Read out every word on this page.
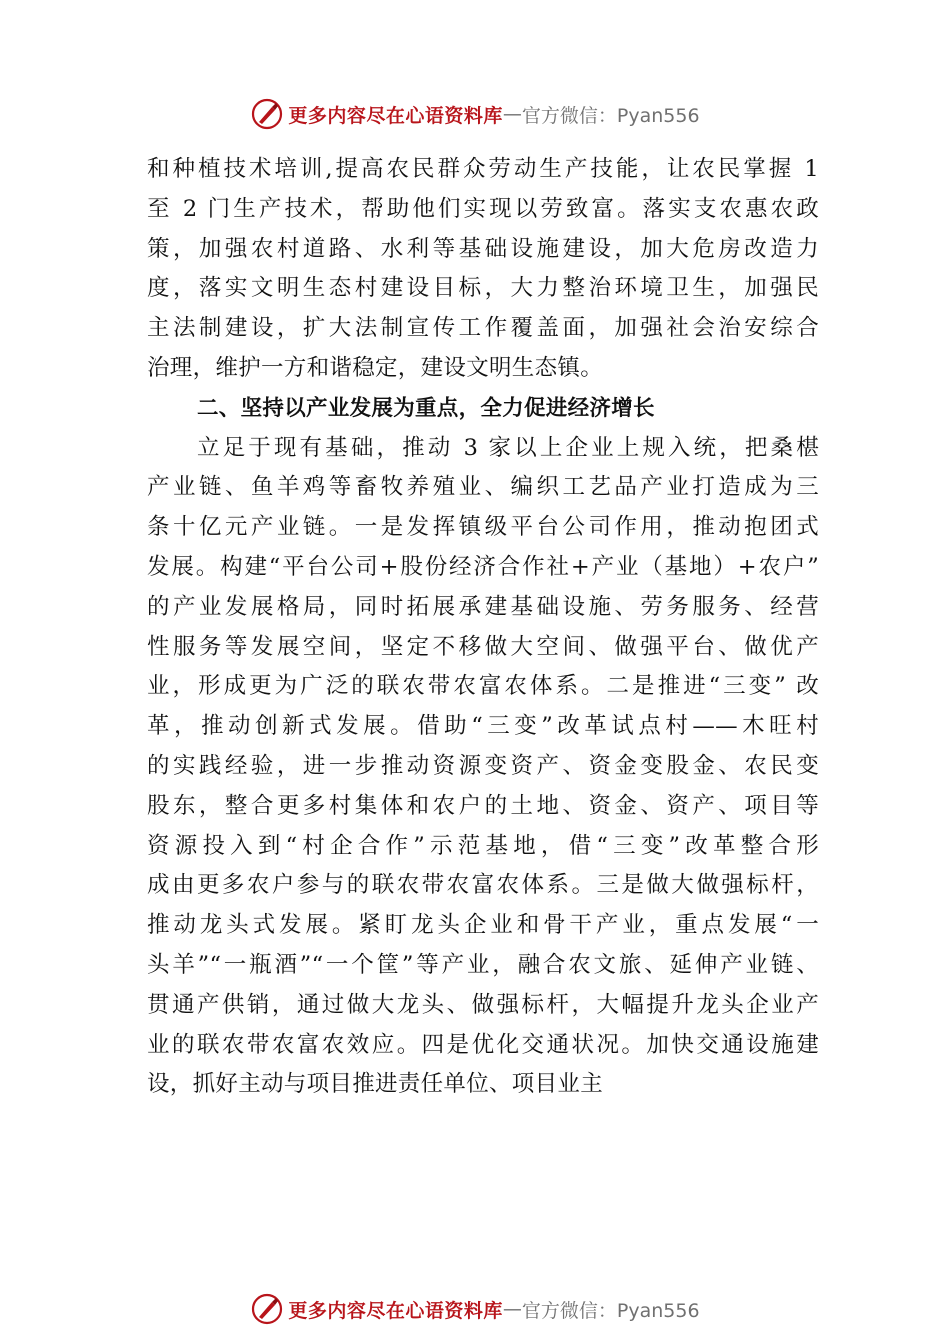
更多内容尽在心语资料库 — 官方微信：Pyan556
和种植技术培训,提高农民群众劳动生产技能，让农民掌握 1
至 2 门生产技术，帮助他们实现以劳致富。落实支农惠农政
策，加强农村道路、水利等基础设施建设，加大危房改造力
度，落实文明生态村建设目标，大力整治环境卫生，加强民
主法制建设，扩大法制宣传工作覆盖面，加强社会治安综合
治理，维护一方和谐稳定，建设文明生态镇。
二、坚持以产业发展为重点，全力促进经济增长
立足于现有基础，推动 3 家以上企业上规入统，把桑椹
产业链、鱼羊鸡等畜牧养殖业、编织工艺品产业打造成为三
条十亿元产业链。一是发挥镇级平台公司作用，推动抱团式
发展。构建“平台公司+股份经济合作社+产业（基地）+农户”
的产业发展格局，同时拓展承建基础设施、劳务服务、经营
性服务等发展空间，坚定不移做大空间、做强平台、做优产
业，形成更为广泛的联农带农富农体系。二是推进“三变” 改
革，推动创新式发展。借助“三变”改革试点村——木旺村
的实践经验，进一步推动资源变资产、资金变股金、农民变
股东，整合更多村集体和农户的土地、资金、资产、项目等
资源投入到“村企合作”示范基地，借“三变”改革整合形
成由更多农户参与的联农带农富农体系。三是做大做强标杆，
推动龙头式发展。紧盯龙头企业和骨干产业，重点发展“一
头羊”“一瓶酒”“一个筐”等产业，融合农文旅、延伸产业链、
贯通产供销，通过做大龙头、做强标杆，大幅提升龙头企业产
业的联农带农富农效应。四是优化交通状况。加快交通设施建
设，抓好主动与项目推进责任单位、项目业主
更多内容尽在心语资料库 — 官方微信：Pyan556
